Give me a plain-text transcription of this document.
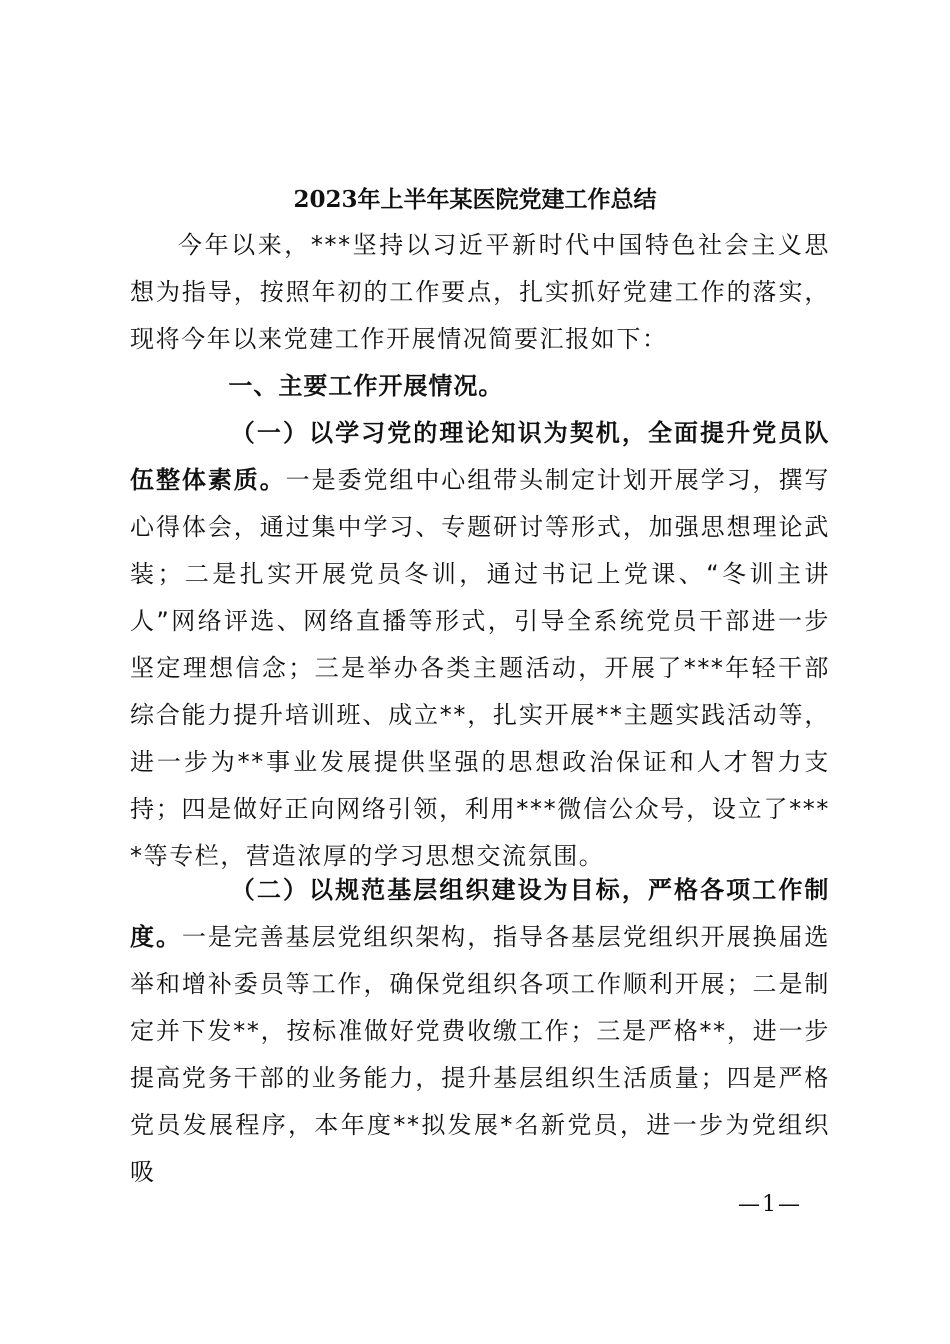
2023年上半年某医院党建工作总结

今年以来，***坚持以习近平新时代中国特色社会主义思想为指导，按照年初的工作要点，扎实抓好党建工作的落实，现将今年以来党建工作开展情况简要汇报如下：

一、主要工作开展情况。

（一）以学习党的理论知识为契机，全面提升党员队伍整体素质。一是委党组中心组带头制定计划开展学习，撰写心得体会，通过集中学习、专题研讨等形式，加强思想理论武装；二是扎实开展党员冬训，通过书记上党课、“冬训主讲人”网络评选、网络直播等形式，引导全系统党员干部进一步坚定理想信念；三是举办各类主题活动，开展了***年轻干部综合能力提升培训班、成立**，扎实开展**主题实践活动等，进一步为**事业发展提供坚强的思想政治保证和人才智力支持；四是做好正向网络引领，利用***微信公众号，设立了****等专栏，营造浓厚的学习思想交流氛围。

（二）以规范基层组织建设为目标，严格各项工作制度。一是完善基层党组织架构，指导各基层党组织开展换届选举和增补委员等工作，确保党组织各项工作顺利开展；二是制定并下发**，按标准做好党费收缴工作；三是严格**，进一步提高党务干部的业务能力，提升基层组织生活质量；四是严格党员发展程序，本年度**拟发展*名新党员，进一步为党组织吸

—1—
